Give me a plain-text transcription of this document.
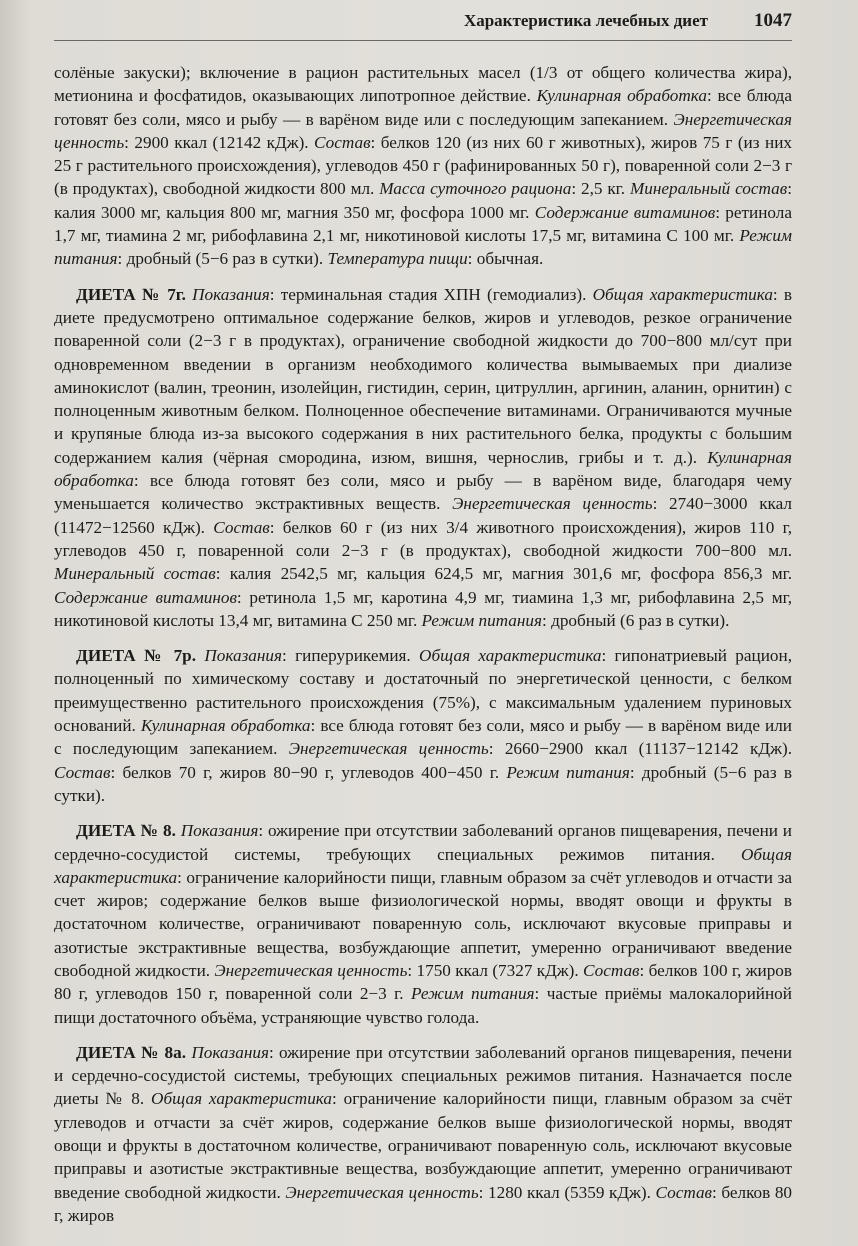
Характеристика лечебных диет 1047

солёные закуски); включение в рацион растительных масел (1/3 от общего количества жира), метионина и фосфатидов, оказывающих липотропное действие. Кулинарная обработка: все блюда готовят без соли, мясо и рыбу — в варёном виде или с последующим запеканием. Энергетическая ценность: 2900 ккал (12142 кДж). Состав: белков 120 (из них 60 г животных), жиров 75 г (из них 25 г растительного происхождения), углеводов 450 г (рафинированных 50 г), поваренной соли 2−3 г (в продуктах), свободной жидкости 800 мл. Масса суточного рациона: 2,5 кг. Минеральный состав: калия 3000 мг, кальция 800 мг, магния 350 мг, фосфора 1000 мг. Содержание витаминов: ретинола 1,7 мг, тиамина 2 мг, рибофлавина 2,1 мг, никотиновой кислоты 17,5 мг, витамина С 100 мг. Режим питания: дробный (5−6 раз в сутки). Температура пищи: обычная.

ДИЕТА № 7г. Показания: терминальная стадия ХПН (гемодиализ). Общая характеристика: в диете предусмотрено оптимальное содержание белков, жиров и углеводов, резкое ограничение поваренной соли (2−3 г в продуктах), ограничение свободной жидкости до 700−800 мл/сут при одновременном введении в организм необходимого количества вымываемых при диализе аминокислот (валин, треонин, изолейцин, гистидин, серин, цитруллин, аргинин, аланин, орнитин) с полноценным животным белком. Полноценное обеспечение витаминами. Ограничиваются мучные и крупяные блюда из-за высокого содержания в них растительного белка, продукты с большим содержанием калия (чёрная смородина, изюм, вишня, чернослив, грибы и т. д.). Кулинарная обработка: все блюда готовят без соли, мясо и рыбу — в варёном виде, благодаря чему уменьшается количество экстрактивных веществ. Энергетическая ценность: 2740−3000 ккал (11472−12560 кДж). Состав: белков 60 г (из них 3/4 животного происхождения), жиров 110 г, углеводов 450 г, поваренной соли 2−3 г (в продуктах), свободной жидкости 700−800 мл. Минеральный состав: калия 2542,5 мг, кальция 624,5 мг, магния 301,6 мг, фосфора 856,3 мг. Содержание витаминов: ретинола 1,5 мг, каротина 4,9 мг, тиамина 1,3 мг, рибофлавина 2,5 мг, никотиновой кислоты 13,4 мг, витамина С 250 мг. Режим питания: дробный (6 раз в сутки).

ДИЕТА № 7р. Показания: гиперурикемия. Общая характеристика: гипонатриевый рацион, полноценный по химическому составу и достаточный по энергетической ценности, с белком преимущественно растительного происхождения (75%), с максимальным удалением пуриновых оснований. Кулинарная обработка: все блюда готовят без соли, мясо и рыбу — в варёном виде или с последующим запеканием. Энергетическая ценность: 2660−2900 ккал (11137−12142 кДж). Состав: белков 70 г, жиров 80−90 г, углеводов 400−450 г. Режим питания: дробный (5−6 раз в сутки).

ДИЕТА № 8. Показания: ожирение при отсутствии заболеваний органов пищеварения, печени и сердечно-сосудистой системы, требующих специальных режимов питания. Общая характеристика: ограничение калорийности пищи, главным образом за счёт углеводов и отчасти за счет жиров; содержание белков выше физиологической нормы, вводят овощи и фрукты в достаточном количестве, ограничивают поваренную соль, исключают вкусовые приправы и азотистые экстрактивные вещества, возбуждающие аппетит, умеренно ограничивают введение свободной жидкости. Энергетическая ценность: 1750 ккал (7327 кДж). Состав: белков 100 г, жиров 80 г, углеводов 150 г, поваренной соли 2−3 г. Режим питания: частые приёмы малокалорийной пищи достаточного объёма, устраняющие чувство голода.

ДИЕТА № 8а. Показания: ожирение при отсутствии заболеваний органов пищеварения, печени и сердечно-сосудистой системы, требующих специальных режимов питания. Назначается после диеты № 8. Общая характеристика: ограничение калорийности пищи, главным образом за счёт углеводов и отчасти за счёт жиров, содержание белков выше физиологической нормы, вводят овощи и фрукты в достаточном количестве, ограничивают поваренную соль, исключают вкусовые приправы и азотистые экстрактивные вещества, возбуждающие аппетит, умеренно ограничивают введение свободной жидкости. Энергетическая ценность: 1280 ккал (5359 кДж). Состав: белков 80 г, жиров
